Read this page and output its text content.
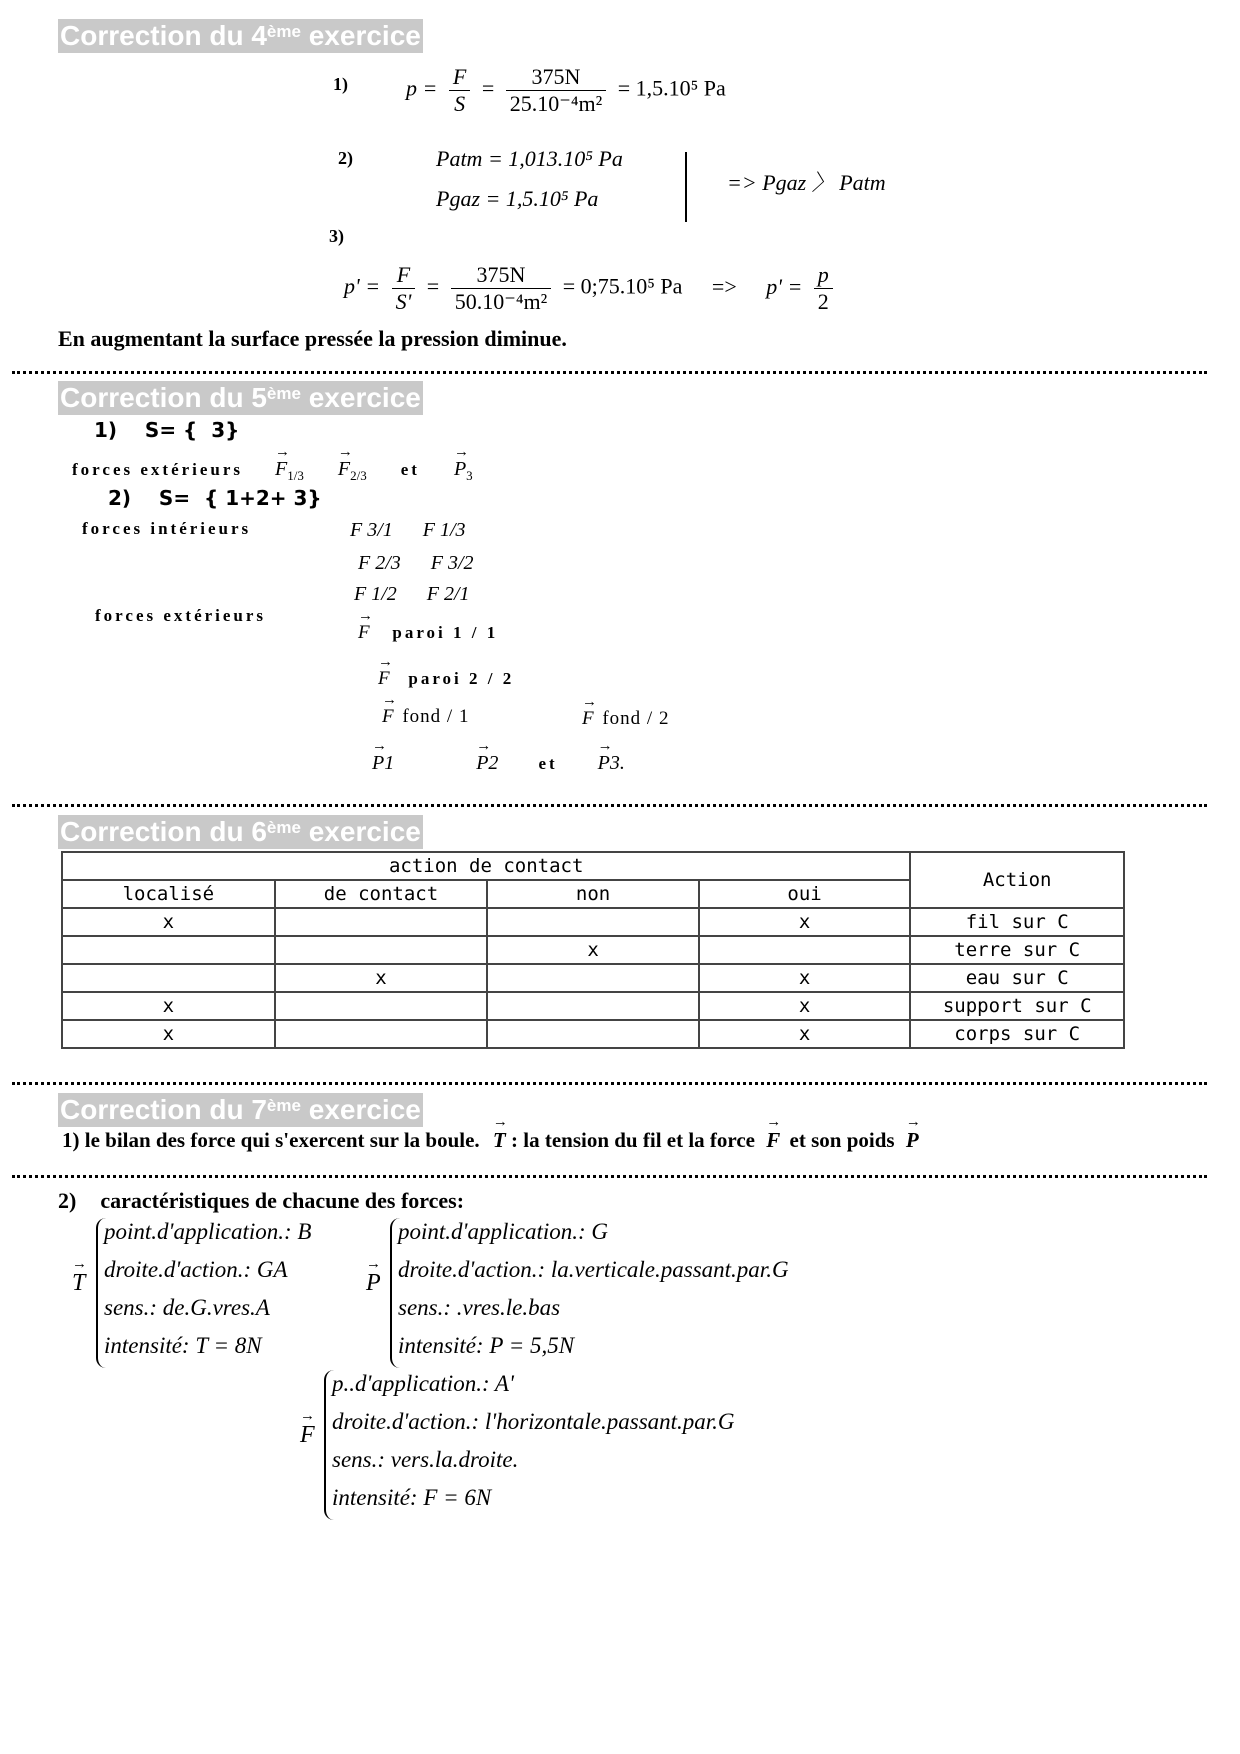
Correction du 4ème exercice
1)	$p = \frac{F}{S} = \frac{375N}{\text{25.10⁻⁴m²}} = 1,5.10^5$ Pa
2)	Patm = 1,013.10⁵ Pa
Pgaz = 1,5.10⁵ Pa
=> Pgaz 〉 Patm
3)
$p' = \frac{F}{S'} = \frac{375N}{\text{50.10⁻⁴m²}}$ = 0;75.10⁵ $Pa => p' = \frac{p}{2}$
En augmentant la surface pressée la pression diminue.
Correction du 5ème exercice
1)    S= {  3}
forces extérieurs → $F_{1/3} \to F_{2/3}$ et → $P_3$
2)    S=  { 1+2+ 3}
forces intérieurs
forces extérieurs
F 3/1 F 1/3
F 2/3 F 3/2
F 1/2 F 2/1
→ F paroi 1 / 1
→ F paroi 2 / 2
→ F fond / 1	→ F fond / 2
→ P1	→ P2 et → P3.
Correction du 6ème exercice
action de contact				Action
localisé	de contact	non	oui	
x			x	fil sur C
		x		terre sur C
	x		x	eau sur C
x			x	support sur C
x			x	corps sur C
Correction du 7ème exercice
1) le bilan des force qui s'exercent sur la boule. → T : la tension du fil et la force → F et son poids → P
2) caractéristiques de chacune des forces:
→ T
point.d'application.: B
droite.d'action.: GA
sens.: de.G.vres.A
intensité: T = 8N
→ P
point.d'application.: G
droite.d'action.: la.verticale.passant.par.G
sens.: .vres.le.bas
intensité: P = 5,5N
→ F
p..d'application.: A'
droite.d'action.: l'horizontale.passant.par.G
sens.: vers.la.droite.
intensité: F = 6N
